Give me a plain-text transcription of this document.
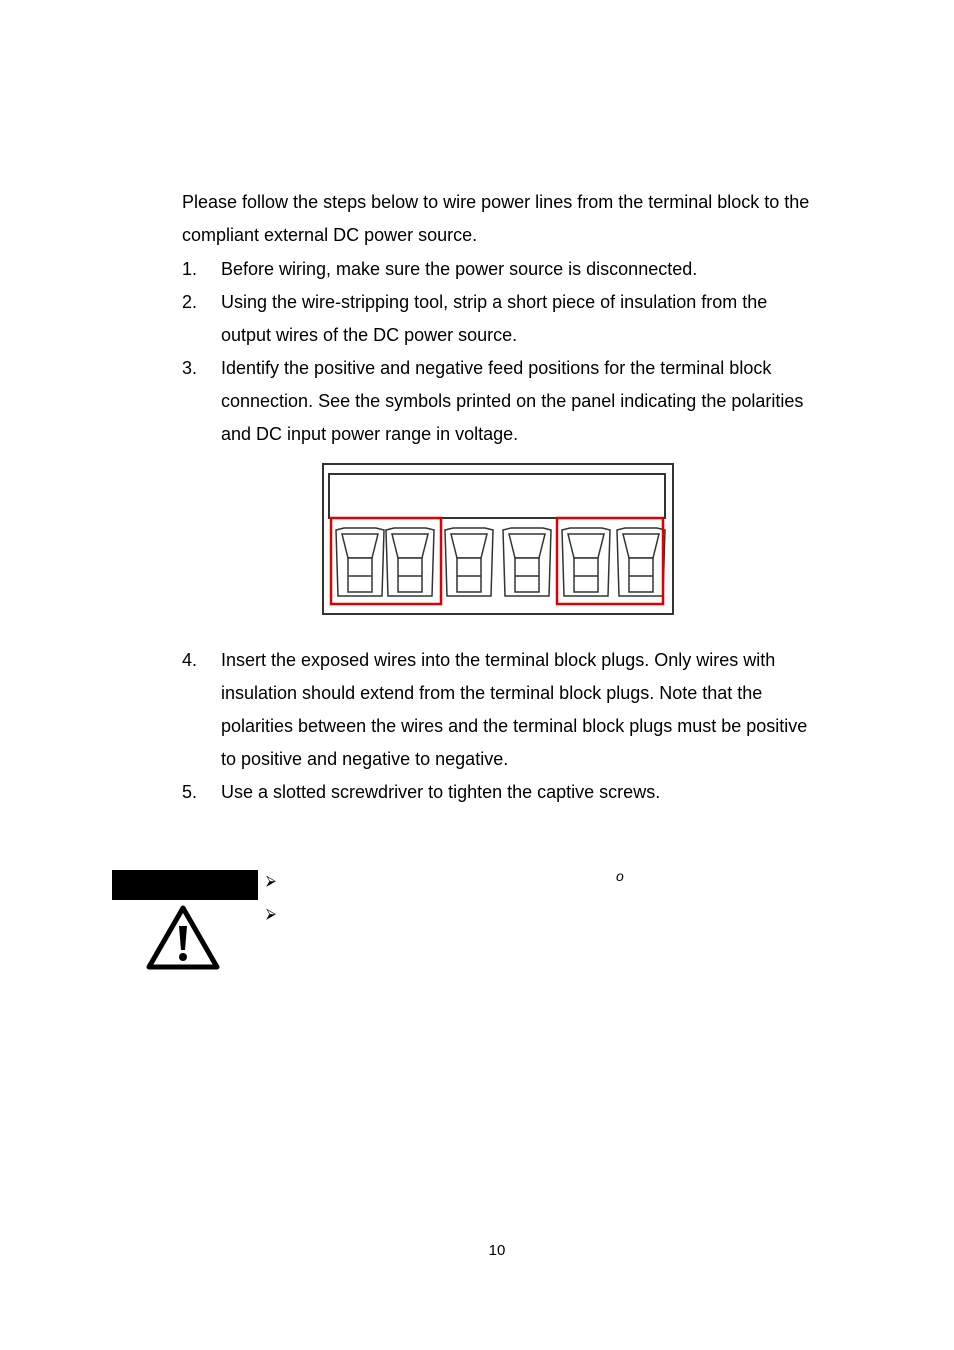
Please follow the steps below to wire power lines from the terminal block to the compliant external DC power source.

1. Before wiring, make sure the power source is disconnected.
2. Using the wire-stripping tool, strip a short piece of insulation from the output wires of the DC power source.
3. Identify the positive and negative feed positions for the terminal block connection. See the symbols printed on the panel indicating the polarities and DC input power range in voltage.
4. Insert the exposed wires into the terminal block plugs. Only wires with insulation should extend from the terminal block plugs. Note that the polarities between the wires and the terminal block plugs must be positive to positive and negative to negative.
5. Use a slotted screwdriver to tighten the captive screws.
⮚
⮚
o
10
